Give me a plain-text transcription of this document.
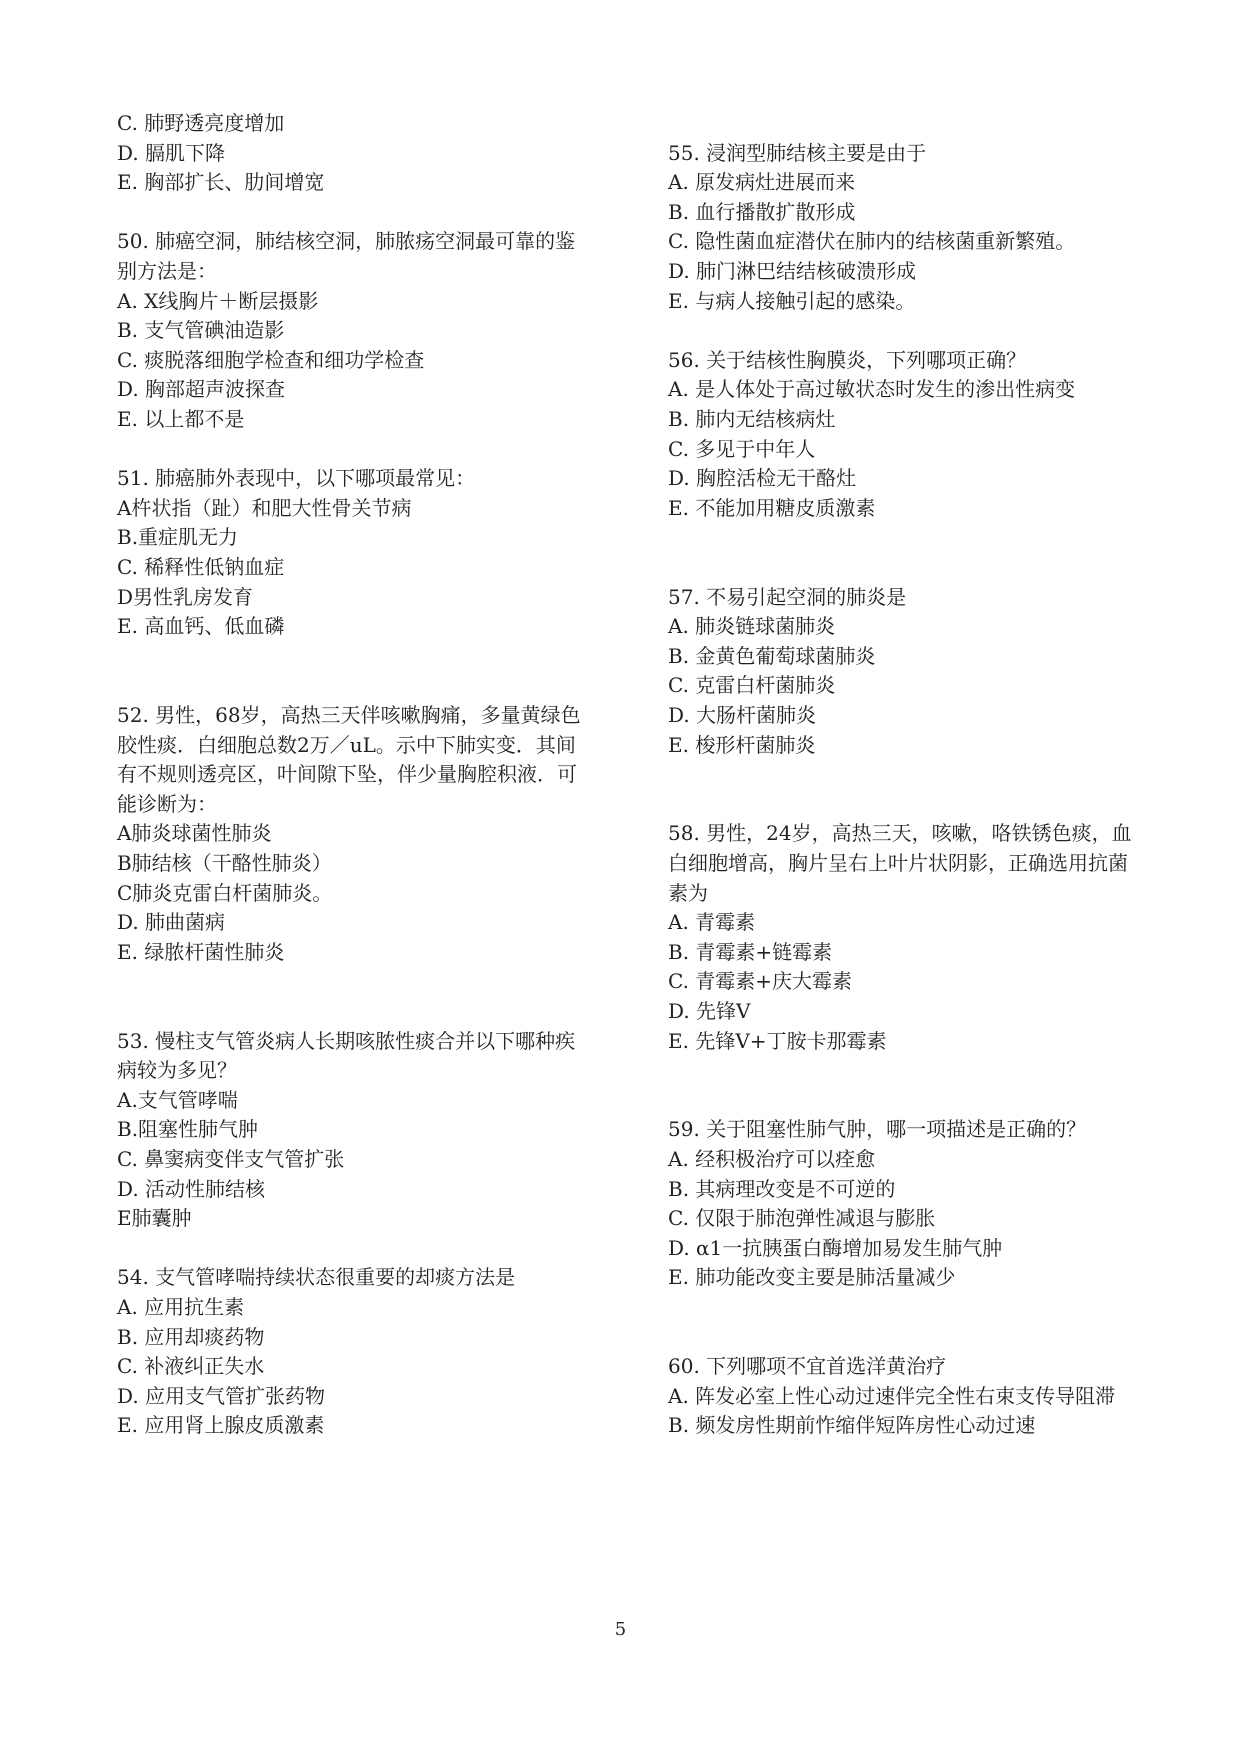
C. 肺野透亮度增加
D. 膈肌下降
E. 胸部扩长、肋间增宽
50. 肺癌空洞，肺结核空洞，肺脓疡空洞最可靠的鉴
别方法是：
A. X线胸片＋断层摄影
B. 支气管碘油造影
C. 痰脱落细胞学检查和细功学检查
D. 胸部超声波探查
E. 以上都不是
51. 肺癌肺外表现中，以下哪项最常见：
A杵状指（趾）和肥大性骨关节病
B.重症肌无力
C. 稀释性低钠血症
D男性乳房发育
E. 高血钙、低血磷
52. 男性，68岁，高热三天伴咳嗽胸痛，多量黄绿色
胶性痰．白细胞总数2万／uL。示中下肺实变．其间
有不规则透亮区，叶间隙下坠，伴少量胸腔积液．可
能诊断为：
A肺炎球菌性肺炎
B肺结核（干酪性肺炎）
C肺炎克雷白杆菌肺炎。
D. 肺曲菌病
E. 绿脓杆菌性肺炎
53. 慢柱支气管炎病人长期咳脓性痰合并以下哪种疾
病较为多见？
A.支气管哮喘
B.阻塞性肺气肿
C. 鼻窦病变伴支气管扩张
D. 活动性肺结核
E肺囊肿
54. 支气管哮喘持续状态很重要的却痰方法是
A. 应用抗生素
B. 应用却痰药物
C. 补液纠正失水
D. 应用支气管扩张药物
E. 应用肾上腺皮质激素
55. 浸润型肺结核主要是由于
A. 原发病灶进展而来
B. 血行播散扩散形成
C. 隐性菌血症潜伏在肺内的结核菌重新繁殖。
D. 肺门淋巴结结核破溃形成
E. 与病人接触引起的感染。
56. 关于结核性胸膜炎，下列哪项正确？
A. 是人体处于高过敏状态时发生的渗出性病变
B. 肺内无结核病灶
C. 多见于中年人
D. 胸腔活检无干酪灶
E. 不能加用糖皮质激素
57. 不易引起空洞的肺炎是
A. 肺炎链球菌肺炎
B. 金黄色葡萄球菌肺炎
C. 克雷白杆菌肺炎
D. 大肠杆菌肺炎
E. 梭形杆菌肺炎
58. 男性，24岁，高热三天，咳嗽，咯铁锈色痰，血
白细胞增高，胸片呈右上叶片状阴影，正确选用抗菌
素为
A. 青霉素
B. 青霉素+链霉素
C. 青霉素+庆大霉素
D. 先锋V
E. 先锋V+丁胺卡那霉素
59. 关于阻塞性肺气肿，哪一项描述是正确的？
A. 经积极治疗可以痊愈
B. 其病理改变是不可逆的
C. 仅限于肺泡弹性减退与膨胀
D. α1一抗胰蛋白酶增加易发生肺气肿
E. 肺功能改变主要是肺活量减少
60. 下列哪项不宜首选洋黄治疗
A. 阵发必室上性心动过速伴完全性右束支传导阻滞
B. 频发房性期前怍缩伴短阵房性心动过速
5
